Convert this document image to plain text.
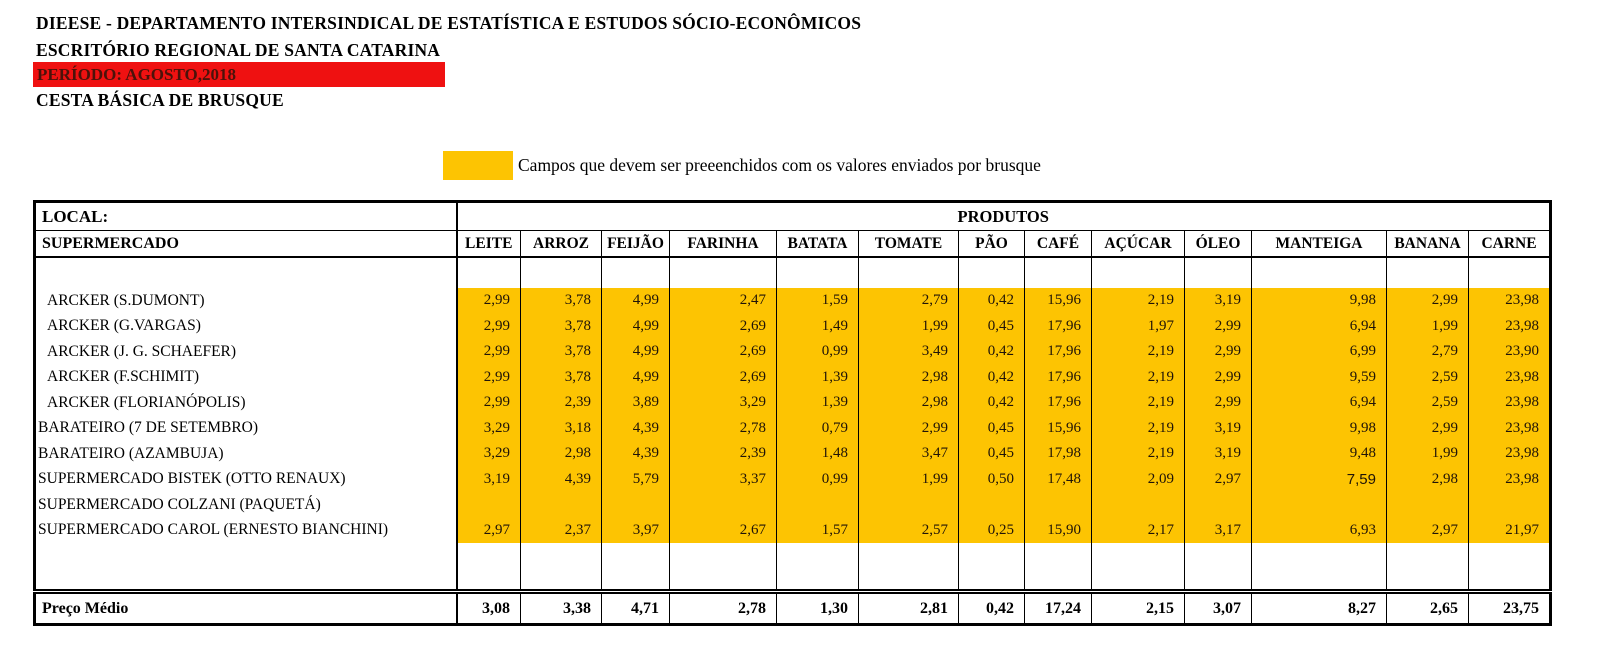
DIEESE - DEPARTAMENTO INTERSINDICAL DE ESTATÍSTICA E ESTUDOS SÓCIO-ECONÔMICOS
ESCRITÓRIO REGIONAL DE SANTA CATARINA
PERÍODO: AGOSTO,2018
CESTA BÁSICA DE BRUSQUE
Campos que devem ser preeenchidos com os valores enviados por brusque
LOCAL:	PRODUTOS												
SUPERMERCADO	LEITE	ARROZ	FEIJÃO	FARINHA	BATATA	TOMATE	PÃO	CAFÉ	AÇÚCAR	ÓLEO	MANTEIGA	BANANA	CARNE

ARCKER (S.DUMONT)	2,99	3,78	4,99	2,47	1,59	2,79	0,42	15,96	2,19	3,19	9,98	2,99	23,98
ARCKER (G.VARGAS)	2,99	3,78	4,99	2,69	1,49	1,99	0,45	17,96	1,97	2,99	6,94	1,99	23,98
ARCKER (J. G. SCHAEFER)	2,99	3,78	4,99	2,69	0,99	3,49	0,42	17,96	2,19	2,99	6,99	2,79	23,90
ARCKER (F.SCHIMIT)	2,99	3,78	4,99	2,69	1,39	2,98	0,42	17,96	2,19	2,99	9,59	2,59	23,98
ARCKER (FLORIANÓPOLIS)	2,99	2,39	3,89	3,29	1,39	2,98	0,42	17,96	2,19	2,99	6,94	2,59	23,98
BARATEIRO (7 DE SETEMBRO)	3,29	3,18	4,39	2,78	0,79	2,99	0,45	15,96	2,19	3,19	9,98	2,99	23,98
BARATEIRO (AZAMBUJA)	3,29	2,98	4,39	2,39	1,48	3,47	0,45	17,98	2,19	3,19	9,48	1,99	23,98
SUPERMERCADO BISTEK (OTTO RENAUX)	3,19	4,39	5,79	3,37	0,99	1,99	0,50	17,48	2,09	2,97	7,59	2,98	23,98
SUPERMERCADO COLZANI (PAQUETÁ)													
SUPERMERCADO CAROL (ERNESTO BIANCHINI)	2,97	2,37	3,97	2,67	1,57	2,57	0,25	15,90	2,17	3,17	6,93	2,97	21,97

Preço Médio	3,08	3,38	4,71	2,78	1,30	2,81	0,42	17,24	2,15	3,07	8,27	2,65	23,75
